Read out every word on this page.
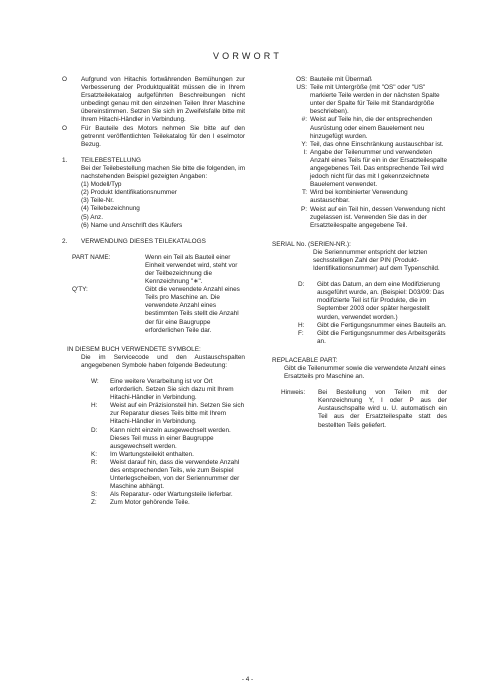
VORWORT
O	Aufgrund von Hitachis fortwährenden Bemühungen zur Verbesserung der Produktqualität müssen die in Ihrem Ersatzteilekatalog aufgeführten Beschreibungen nicht unbedingt genau mit den einzelnen Teilen Ihrer Maschine übereinstimmen. Setzen Sie sich im Zweifelsfalle bitte mit Ihrem Hitachi-Händler in Verbindung.
O	Für Bauteile des Motors nehmen Sie bitte auf den getrennt veröffentlichten Teilekatalog für den l eselmotor Bezug.
1.	TEILEBESTELLUNG
Bei der Teilebestellung machen Sie bitte die folgenden, im nachstehenden Beispiel gezeigten Angaben:
(1) Modell/Typ
(2) Produkt Identifikationsnummer
(3) Teile-Nr.
(4) Teilebezeichnung
(5) Anz.
(6) Name und Anschrift des Käufers
2.	VERWENDUNG DIESES TEILEKATALOGS
PART NAME:	Wenn ein Teil als Bauteil einer Einheit verwendet wird, steht vor der Teilbezeichnung die Kennzeichnung "∗".
Q'TY:	Gibt die verwendete Anzahl eines Teils pro Maschine an. Die verwendete Anzahl eines bestimmten Teils stellt die Anzahl der für eine Baugruppe erforderlichen Teile dar.
IN DIESEM BUCH VERWENDETE SYMBOLE:
Die im Servicecode und den Austauschspalten angegebenen Symbole haben folgende Bedeutung:
W:	Eine weitere Verarbeitung ist vor Ort erforderlich. Setzen Sie sich dazu mit Ihrem Hitachi-Händler in Verbindung.
H:	Weist auf ein Präzisionsteil hin. Setzen Sie sich zur Reparatur dieses Teils bitte mit Ihrem Hitachi-Händler in Verbindung.
D:	Kann nicht einzeln ausgewechselt werden. Dieses Teil muss in einer Baugruppe ausgewechselt werden.
K:	Im Wartungsteilekit enthalten.
R:	Weist darauf hin, dass die verwendete Anzahl des entsprechenden Teils, wie zum Beispiel Unterlegscheiben, von der Seriennummer der Maschine abhängt.
S:	Als Reparatur- oder Wartungsteile lieferbar.
Z:	Zum Motor gehörende Teile.
OS: Bauteile mit Übermaß
US: Teile mit Untergröße (mit "OS" oder "US" markierte Teile werden in der nächsten Spalte unter der Spalte für Teile mit Standardgröße beschrieben).
#: Weist auf Teile hin, die der entsprechenden Ausrüstung oder einem Bauelement neu hinzugefügt wurden.
Y: Teil, das ohne Einschränkung austauschbar ist.
I: Angabe der Teilenummer und verwendeten Anzahl eines Teils für ein in der Ersatzteilespalte angegebenes Teil. Das entsprechende Teil wird jedoch nicht für das mit I gekennzeichnete Bauelement verwendet.
T: Wird bei kombinierter Verwendung austauschbar.
P: Weist auf ein Teil hin, dessen Verwendung nicht zugelassen ist. Verwenden Sie das in der Ersatzteilespalte angegebene Teil.
SERIAL No. (SERIEN-NR.):
Die Seriennummer entspricht der letzten sechsstelligen Zahl der PIN (Produkt-Identifikationsnummer) auf dem Typenschild.
D:	Gibt das Datum, an dem eine Modifizierung ausgeführt wurde, an. (Beispiel: D03/09: Das modifizierte Teil ist für Produkte, die im September 2003 oder später hergestellt wurden, verwendet worden.)
H:	Gibt die Fertigungsnummer eines Bauteils an.
F:	Gibt die Fertigungsnummer des Arbeitsgeräts an.
REPLACEABLE PART:
Gibt die Teilenummer sowie die verwendete Anzahl eines Ersatzteils pro Maschine an.
Hinweis:	Bei Bestellung von Teilen mit der Kennzeichnung Y, I oder P aus der Austauschspalte wird u. U. automatisch ein Teil aus der Ersatzteilespalte statt des bestellten Teils geliefert.
- 4 -
